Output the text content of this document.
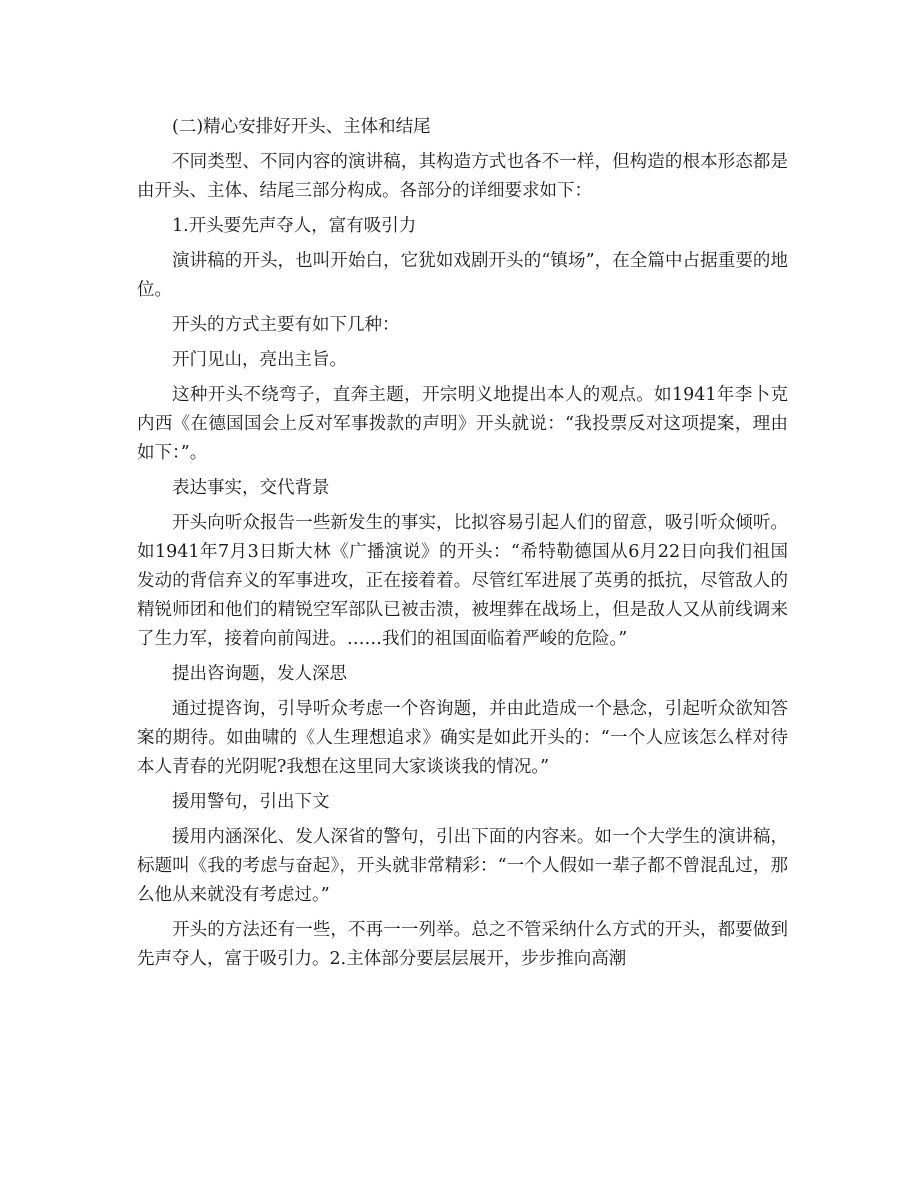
(二)精心安排好开头、主体和结尾

不同类型、不同内容的演讲稿，其构造方式也各不一样，但构造的根本形态都是由开头、主体、结尾三部分构成。各部分的详细要求如下：

1.开头要先声夺人，富有吸引力

演讲稿的开头，也叫开始白，它犹如戏剧开头的“镇场”，在全篇中占据重要的地位。

开头的方式主要有如下几种：

开门见山，亮出主旨。

这种开头不绕弯子，直奔主题，开宗明义地提出本人的观点。如1941年李卜克内西《在德国国会上反对军事拨款的声明》开头就说：“我投票反对这项提案，理由如下：”。

表达事实，交代背景

开头向听众报告一些新发生的事实，比拟容易引起人们的留意，吸引听众倾听。如1941年7月3日斯大林《广播演说》的开头：“希特勒德国从6月22日向我们祖国发动的背信弃义的军事进攻，正在接着着。尽管红军进展了英勇的抵抗，尽管敌人的精锐师团和他们的精锐空军部队已被击溃，被埋葬在战场上，但是敌人又从前线调来了生力军，接着向前闯进。……我们的祖国面临着严峻的危险。”

提出咨询题，发人深思

通过提咨询，引导听众考虑一个咨询题，并由此造成一个悬念，引起听众欲知答案的期待。如曲啸的《人生理想追求》确实是如此开头的：“一个人应该怎么样对待本人青春的光阴呢?我想在这里同大家谈谈我的情况。”

援用警句，引出下文

援用内涵深化、发人深省的警句，引出下面的内容来。如一个大学生的演讲稿，标题叫《我的考虑与奋起》，开头就非常精彩：“一个人假如一辈子都不曾混乱过，那么他从来就没有考虑过。”

开头的方法还有一些，不再一一列举。总之不管采纳什么方式的开头，都要做到先声夺人，富于吸引力。2.主体部分要层层展开，步步推向高潮
